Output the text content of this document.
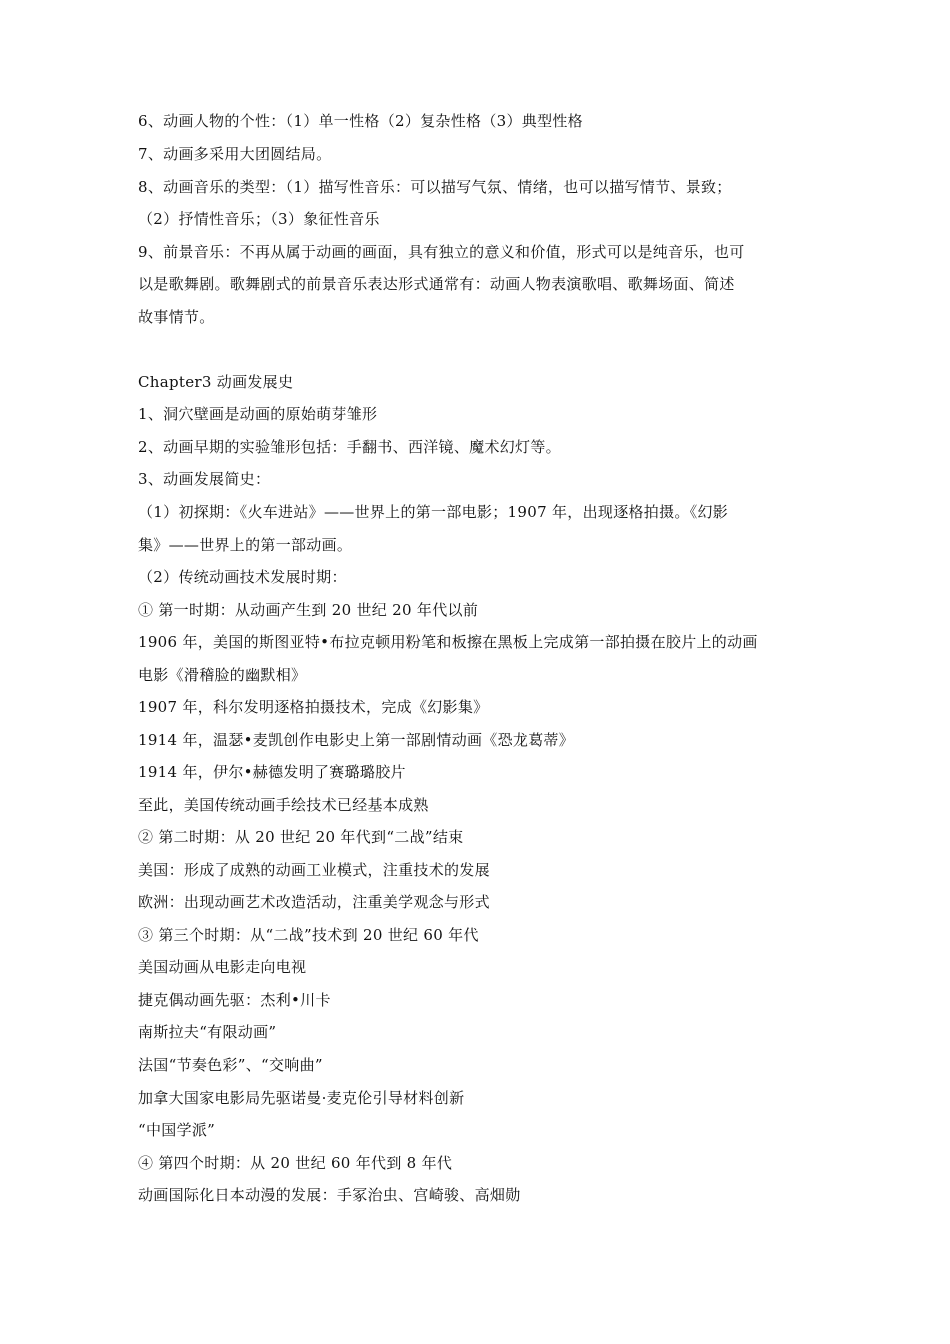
6、动画人物的个性：（1）单一性格（2）复杂性格（3）典型性格
7、动画多采用大团圆结局。
8、动画音乐的类型：（1）描写性音乐：可以描写气氛、情绪，也可以描写情节、景致；
（2）抒情性音乐；（3）象征性音乐
9、前景音乐：不再从属于动画的画面，具有独立的意义和价值，形式可以是纯音乐，也可
以是歌舞剧。歌舞剧式的前景音乐表达形式通常有：动画人物表演歌唱、歌舞场面、简述
故事情节。
Chapter3 动画发展史
1、洞穴壁画是动画的原始萌芽雏形
2、动画早期的实验雏形包括：手翻书、西洋镜、魔术幻灯等。
3、动画发展简史：
（1）初探期：《火车进站》——世界上的第一部电影；1907 年，出现逐格拍摄。《幻影
集》——世界上的第一部动画。
（2）传统动画技术发展时期：
① 第一时期：从动画产生到 20 世纪 20 年代以前
1906 年，美国的斯图亚特•布拉克顿用粉笔和板擦在黑板上完成第一部拍摄在胶片上的动画
电影《滑稽脸的幽默相》
1907 年，科尔发明逐格拍摄技术，完成《幻影集》
1914 年，温瑟•麦凯创作电影史上第一部剧情动画《恐龙葛蒂》
1914 年，伊尔•赫德发明了赛璐璐胶片
至此，美国传统动画手绘技术已经基本成熟
② 第二时期：从 20 世纪 20 年代到“二战”结束
美国：形成了成熟的动画工业模式，注重技术的发展
欧洲：出现动画艺术改造活动，注重美学观念与形式
③ 第三个时期：从“二战”技术到 20 世纪 60 年代
美国动画从电影走向电视
捷克偶动画先驱：杰利•川卡
南斯拉夫“有限动画”
法国“节奏色彩”、“交响曲”
加拿大国家电影局先驱诺曼·麦克伦引导材料创新
“中国学派”
④ 第四个时期：从 20 世纪 60 年代到 8 年代
动画国际化日本动漫的发展：手冢治虫、宫崎骏、高畑勋
